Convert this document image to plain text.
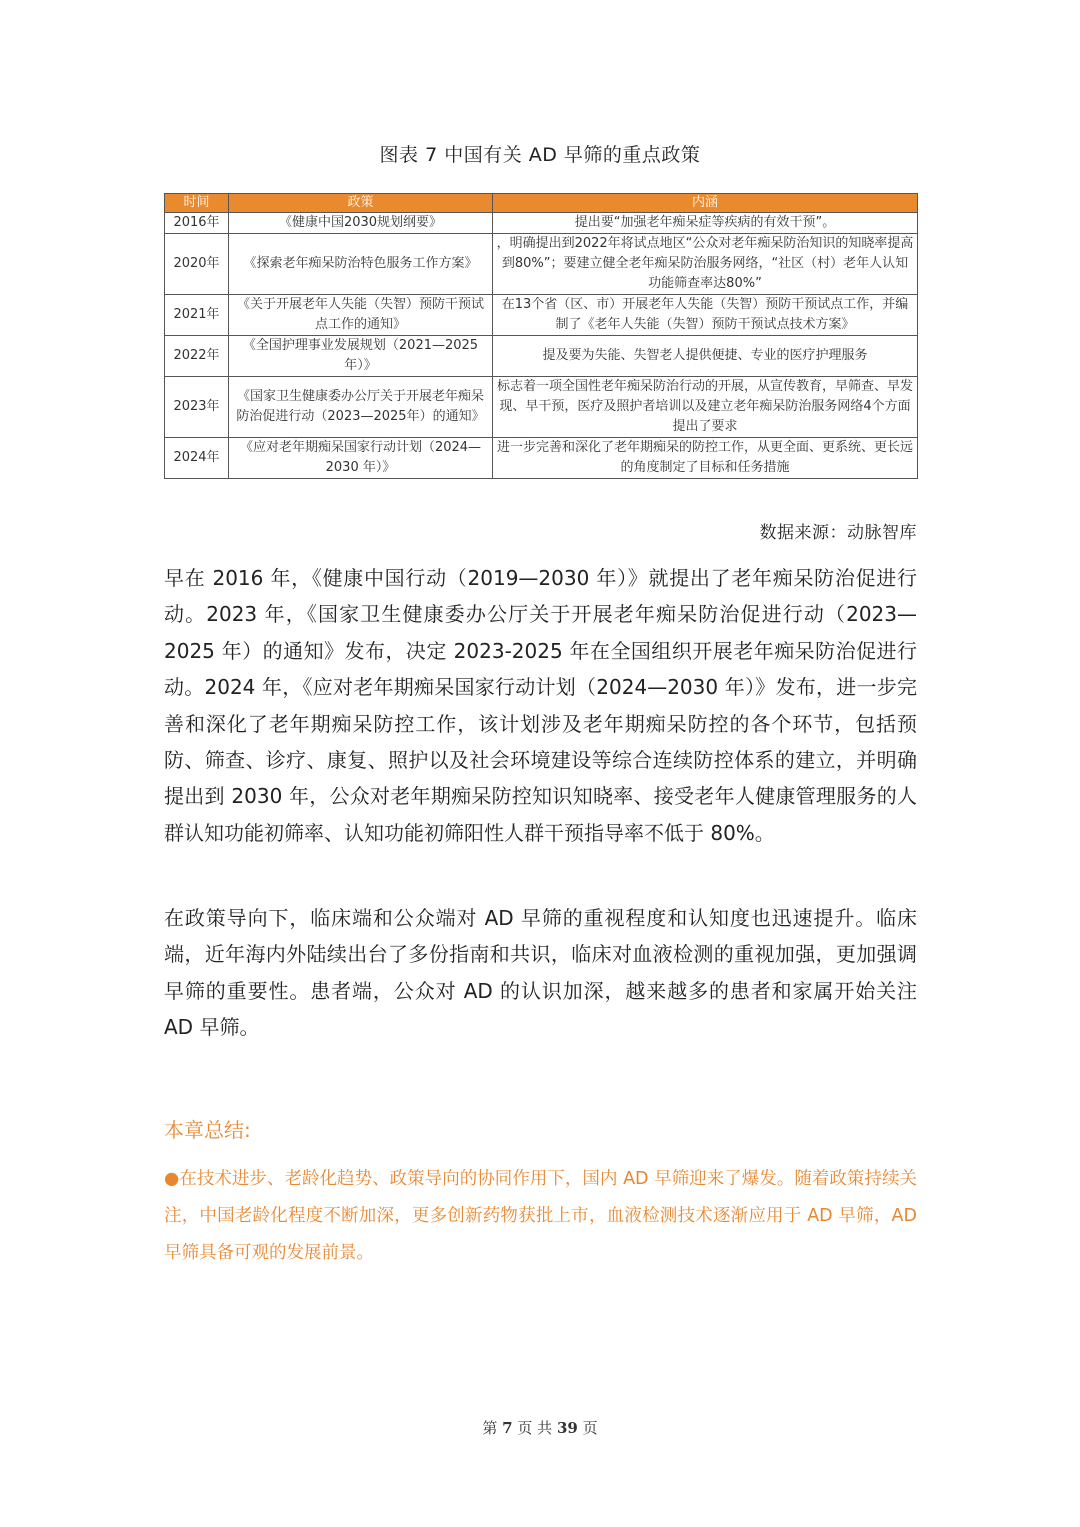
图表 7 中国有关 AD 早筛的重点政策
时间	政策	内涵
2016年	《健康中国2030规划纲要》	提出要“加强老年痴呆症等疾病的有效干预”。
2020年	《探索老年痴呆防治特色服务工作方案》	，明确提出到2022年将试点地区“公众对老年痴呆防治知识的知晓率提高到80%”；要建立健全老年痴呆防治服务网络，“社区（村）老年人认知功能筛查率达80%”
2021年	《关于开展老年人失能（失智）预防干预试点工作的通知》	在13个省（区、市）开展老年人失能（失智）预防干预试点工作，并编制了《老年人失能（失智）预防干预试点技术方案》
2022年	《全国护理事业发展规划（2021—2025年）》	提及要为失能、失智老人提供便捷、专业的医疗护理服务
2023年	《国家卫生健康委办公厅关于开展老年痴呆防治促进行动（2023—2025年）的通知》	标志着一项全国性老年痴呆防治行动的开展，从宣传教育，早筛查、早发现、早干预，医疗及照护者培训以及建立老年痴呆防治服务网络4个方面提出了要求
2024年	《应对老年期痴呆国家行动计划（2024—2030 年）》	进一步完善和深化了老年期痴呆的防控工作，从更全面、更系统、更长远的角度制定了目标和任务措施
数据来源：动脉智库

早在 2016 年，《健康中国行动（2019—2030 年）》就提出了老年痴呆防治促进行动。2023 年，《国家卫生健康委办公厅关于开展老年痴呆防治促进行动（2023—2025 年）的通知》发布，决定 2023-2025 年在全国组织开展老年痴呆防治促进行动。2024 年，《应对老年期痴呆国家行动计划（2024—2030 年）》发布，进一步完善和深化了老年期痴呆防控工作，该计划涉及老年期痴呆防控的各个环节，包括预防、筛查、诊疗、康复、照护以及社会环境建设等综合连续防控体系的建立，并明确提出到 2030 年，公众对老年期痴呆防控知识知晓率、接受老年人健康管理服务的人群认知功能初筛率、认知功能初筛阳性人群干预指导率不低于 80%。

在政策导向下，临床端和公众端对 AD 早筛的重视程度和认知度也迅速提升。临床端，近年海内外陆续出台了多份指南和共识，临床对血液检测的重视加强，更加强调早筛的重要性。患者端，公众对 AD 的认识加深，越来越多的患者和家属开始关注 AD 早筛。

本章总结:

●在技术进步、老龄化趋势、政策导向的协同作用下，国内 AD 早筛迎来了爆发。随着政策持续关注，中国老龄化程度不断加深，更多创新药物获批上市，血液检测技术逐渐应用于 AD 早筛，AD 早筛具备可观的发展前景。

第 7 页 共 39 页
